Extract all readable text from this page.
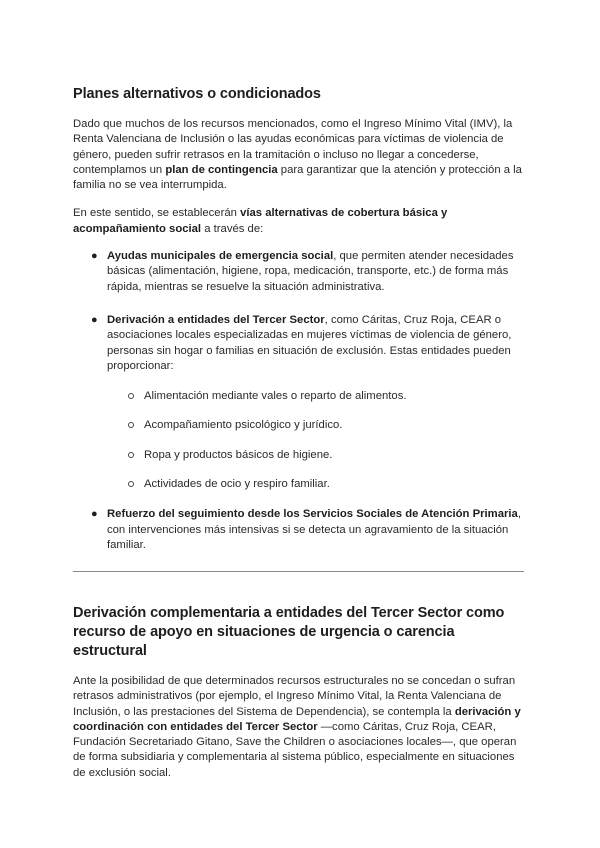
Planes alternativos o condicionados

Dado que muchos de los recursos mencionados, como el Ingreso Mínimo Vital (IMV), la Renta Valenciana de Inclusión o las ayudas económicas para víctimas de violencia de género, pueden sufrir retrasos en la tramitación o incluso no llegar a concederse, contemplamos un plan de contingencia para garantizar que la atención y protección a la familia no se vea interrumpida.

En este sentido, se establecerán vías alternativas de cobertura básica y acompañamiento social a través de:

● Ayudas municipales de emergencia social, que permiten atender necesidades básicas (alimentación, higiene, ropa, medicación, transporte, etc.) de forma más rápida, mientras se resuelve la situación administrativa.
● Derivación a entidades del Tercer Sector, como Cáritas, Cruz Roja, CEAR o asociaciones locales especializadas en mujeres víctimas de violencia de género, personas sin hogar o familias en situación de exclusión. Estas entidades pueden proporcionar:
Alimentación mediante vales o reparto de alimentos.
Acompañamiento psicológico y jurídico.
Ropa y productos básicos de higiene.
Actividades de ocio y respiro familiar.
● Refuerzo del seguimiento desde los Servicios Sociales de Atención Primaria, con intervenciones más intensivas si se detecta un agravamiento de la situación familiar.
Derivación complementaria a entidades del Tercer Sector como recurso de apoyo en situaciones de urgencia o carencia estructural

Ante la posibilidad de que determinados recursos estructurales no se concedan o sufran retrasos administrativos (por ejemplo, el Ingreso Mínimo Vital, la Renta Valenciana de Inclusión, o las prestaciones del Sistema de Dependencia), se contempla la derivación y coordinación con entidades del Tercer Sector —como Cáritas, Cruz Roja, CEAR, Fundación Secretariado Gitano, Save the Children o asociaciones locales—, que operan de forma subsidiaria y complementaria al sistema público, especialmente en situaciones de exclusión social.
